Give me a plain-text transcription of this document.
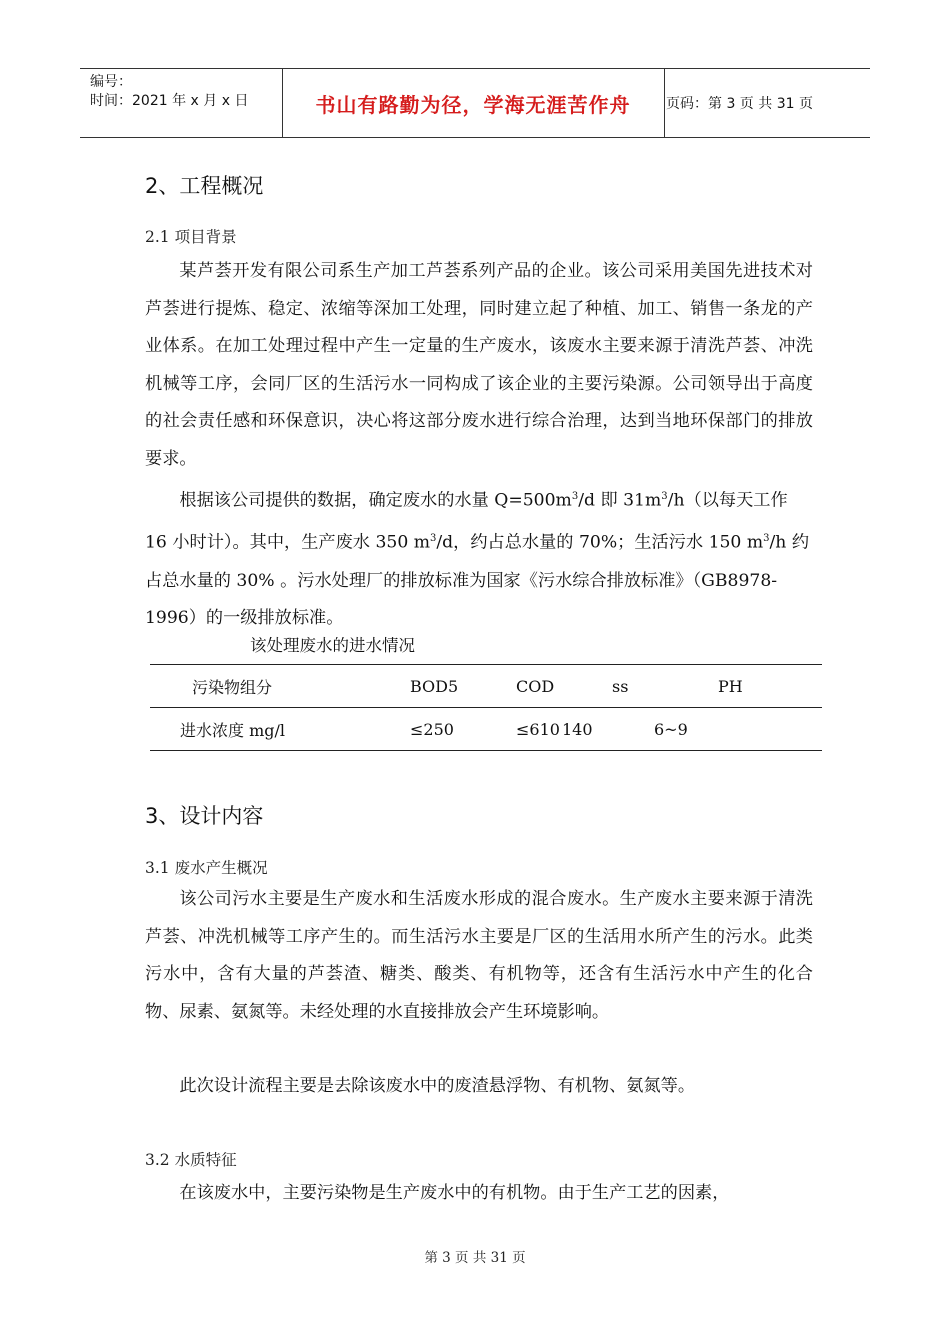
编号：
时间：2021 年 x 月 x 日	书山有路勤为径，学海无涯苦作舟	页码：第 3 页 共 31 页
2、工程概况
2.1 项目背景

某芦荟开发有限公司系生产加工芦荟系列产品的企业。该公司采用美国先进技术对芦荟进行提炼、稳定、浓缩等深加工处理，同时建立起了种植、加工、销售一条龙的产业体系。在加工处理过程中产生一定量的生产废水，该废水主要来源于清洗芦荟、冲洗机械等工序，会同厂区的生活污水一同构成了该企业的主要污染源。公司领导出于高度的社会责任感和环保意识，决心将这部分废水进行综合治理，达到当地环保部门的排放要求。

根据该公司提供的数据，确定废水的水量 $Q=500m^3/d$ 即 $31m^3/h$（以每天工作 16 小时计）。其中，生产废水 350 $m^3/d$，约占总水量的 70%；生活污水 150 $m^3/h$ 约占总水量的 30% 。污水处理厂的排放标准为国家《污水综合排放标准》（GB8978-1996）的一级排放标准。

该处理废水的进水情况
污染物组分	BOD5	COD	ss	PH
进水浓度 mg/l	≤250	≤610	140	6~9
3、设计内容
3.1 废水产生概况

该公司污水主要是生产废水和生活废水形成的混合废水。生产废水主要来源于清洗芦荟、冲洗机械等工序产生的。而生活污水主要是厂区的生活用水所产生的污水。此类污水中，含有大量的芦荟渣、糖类、酸类、有机物等，还含有生活污水中产生的化合物、尿素、氨氮等。未经处理的水直接排放会产生环境影响。

此次设计流程主要是去除该废水中的废渣悬浮物、有机物、氨氮等。

3.2 水质特征

在该废水中，主要污染物是生产废水中的有机物。由于生产工艺的因素，

第 3 页 共 31 页
